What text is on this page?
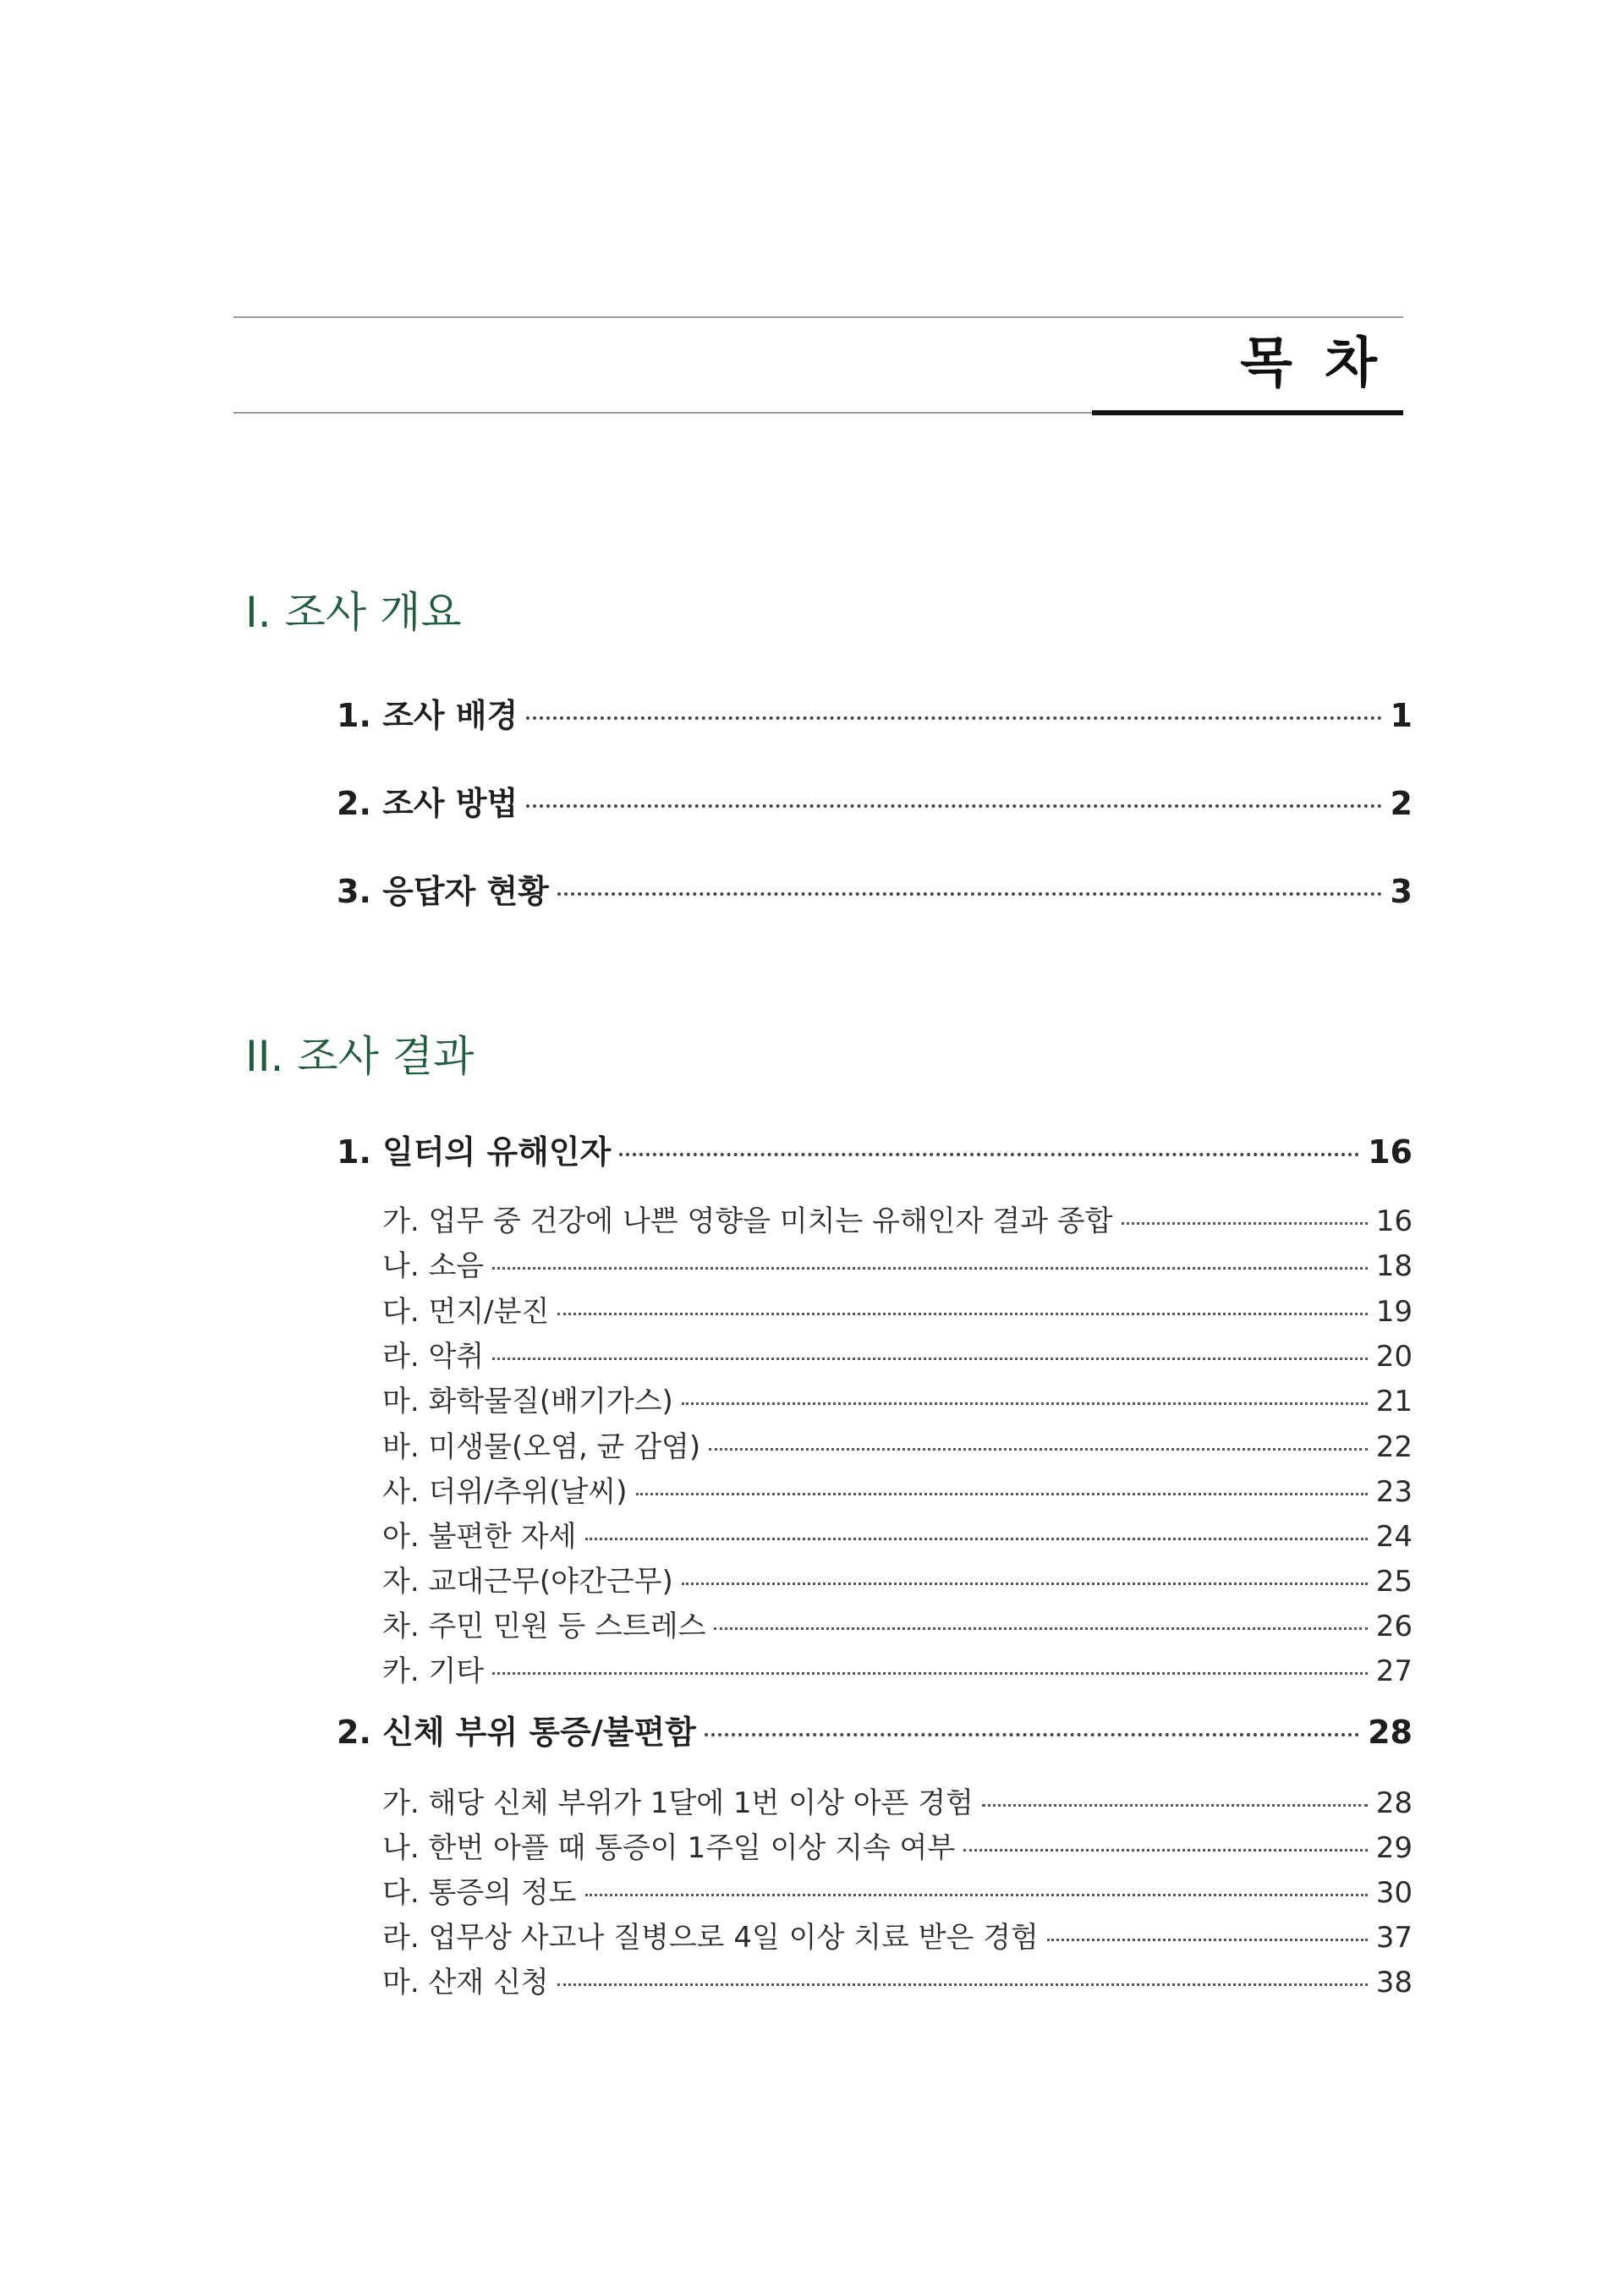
목 차
I. 조사 개요
1. 조사 배경	1
2. 조사 방법	2
3. 응답자 현황	3
II. 조사 결과
1. 일터의 유해인자	16
가. 업무 중 건강에 나쁜 영향을 미치는 유해인자 결과 종합	16
나. 소음	18
다. 먼지/분진	19
라. 악취	20
마. 화학물질(배기가스)	21
바. 미생물(오염, 균 감염)	22
사. 더위/추위(날씨)	23
아. 불편한 자세	24
자. 교대근무(야간근무)	25
차. 주민 민원 등 스트레스	26
카. 기타	27
2. 신체 부위 통증/불편함	28
가. 해당 신체 부위가 1달에 1번 이상 아픈 경험	28
나. 한번 아플 때 통증이 1주일 이상 지속 여부	29
다. 통증의 정도	30
라. 업무상 사고나 질병으로 4일 이상 치료 받은 경험	37
마. 산재 신청	38
